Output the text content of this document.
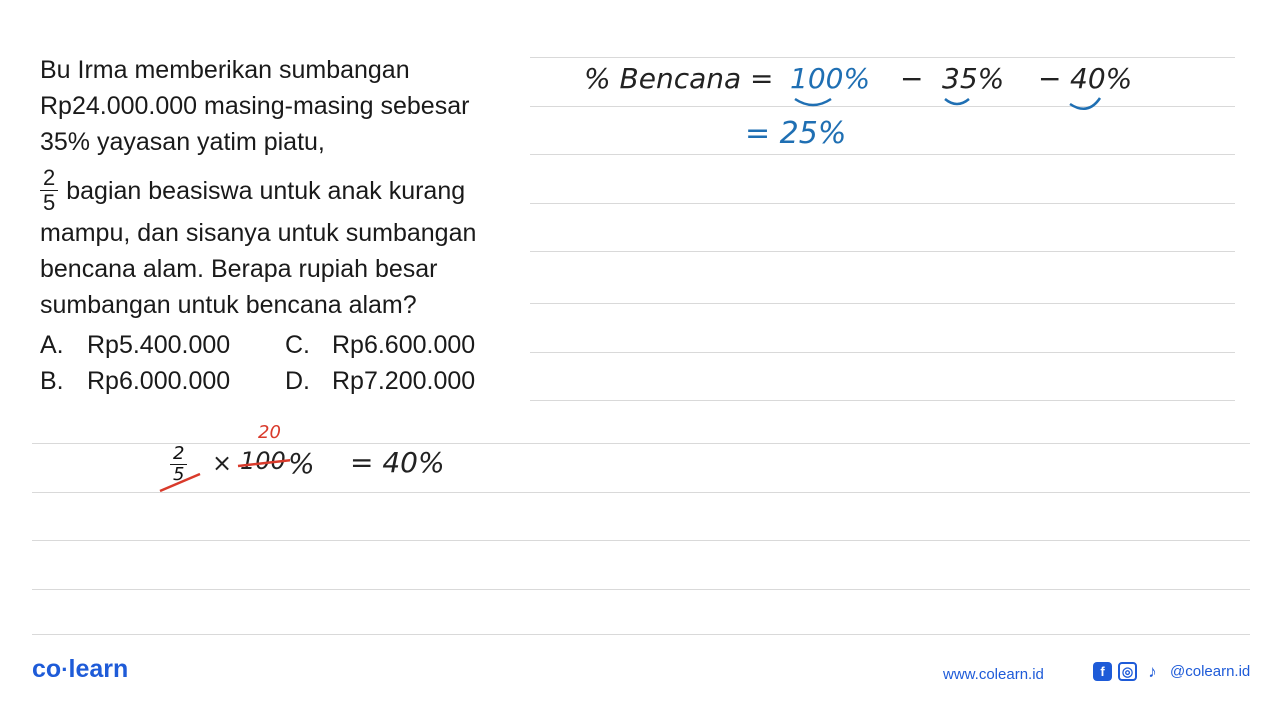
Bu Irma memberikan sumbangan
Rp24.000.000 masing-masing sebesar
35% yayasan yatim piatu,
$\frac{2}{5}$ bagian beasiswa untuk anak kurang
mampu, dan sisanya untuk sumbangan
bencana alam. Berapa rupiah besar
sumbangan untuk bencana alam?
A. Rp5.400.000 C. Rp6.600.000
B. Rp6.000.000 D. Rp7.200.000
% Bencana = 100% − 35% − 40%
= 25%
20
$\frac{2}{5} \times 100$ % = 40%
co·learn	www.colearn.id	f	◎ ♪ @colearn.id
